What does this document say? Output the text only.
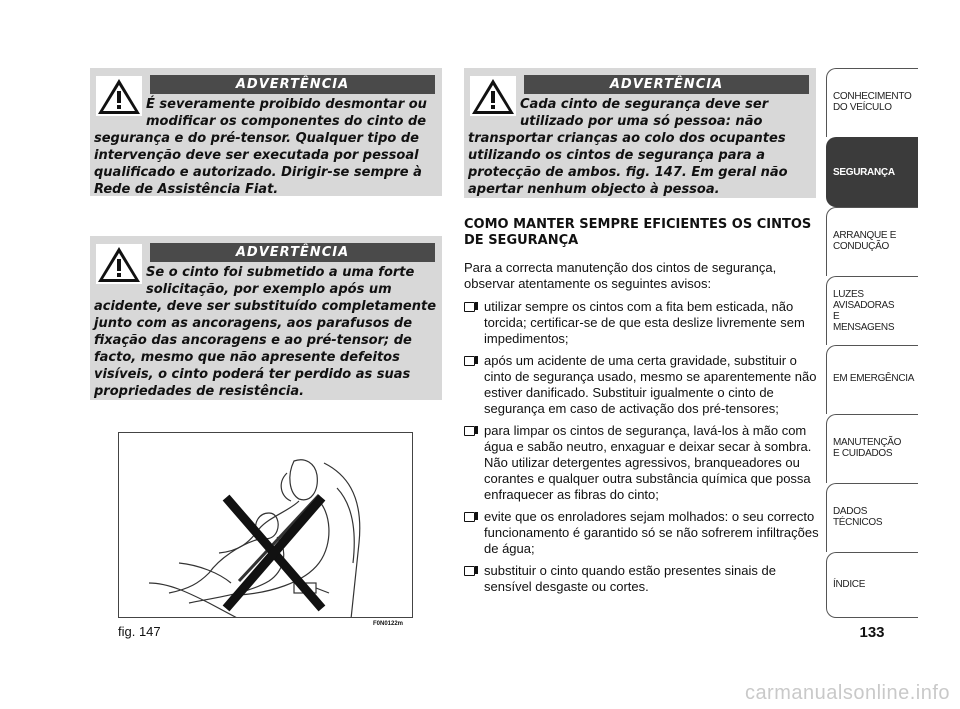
ADVERTÊNCIA
É severamente proibido desmontar ou modificar os componentes do cinto de
segurança e do pré-tensor. Qualquer tipo de intervenção deve ser executada por pessoal qualificado e autorizado. Dirigir-se sempre à Rede de Assistência Fiat.
ADVERTÊNCIA
Se o cinto foi submetido a uma forte solicitação, por exemplo após um
acidente, deve ser substituído completamente junto com as ancoragens, aos parafusos de fixação das ancoragens e ao pré-tensor; de facto, mesmo que não apresente defeitos visíveis, o cinto poderá ter perdido as suas propriedades de resistência.
ADVERTÊNCIA
Cada cinto de segurança deve ser utilizado por uma só pessoa: não
transportar crianças ao colo dos ocupantes utilizando os cintos de segurança para a protecção de ambos. fig. 147. Em geral não apertar nenhum objecto à pessoa.
COMO MANTER SEMPRE EFICIENTES OS CINTOS DE SEGURANÇA
Para a correcta manutenção dos cintos de segurança, observar atentamente os seguintes avisos:
utilizar sempre os cintos com a fita bem esticada, não torcida; certificar-se de que esta deslize livremente sem impedimentos;
após um acidente de uma certa gravidade, substituir o cinto de segurança usado, mesmo se aparentemente não estiver danificado. Substituir igualmente o cinto de segurança em caso de activação dos pré-tensores;
para limpar os cintos de segurança, lavá-los à mão com água e sabão neutro, enxaguar e deixar secar à sombra. Não utilizar detergentes agressivos, branqueadores ou corantes e qualquer outra substância química que possa enfraquecer as fibras do cinto;
evite que os enroladores sejam molhados: o seu correcto funcionamento é garantido só se não sofrerem infiltrações de água;
substituir o cinto quando estão presentes sinais de sensível desgaste ou cortes.
fig. 147	F0N0122m
CONHECIMENTO DO VEÍCULO
SEGURANÇA
ARRANQUE E CONDUÇÃO
LUZES AVISADORAS E MENSAGENS
EM EMERGÊNCIA
MANUTENÇÃO E CUIDADOS
DADOS TÉCNICOS
ÍNDICE
133
carmanualsonline.info
